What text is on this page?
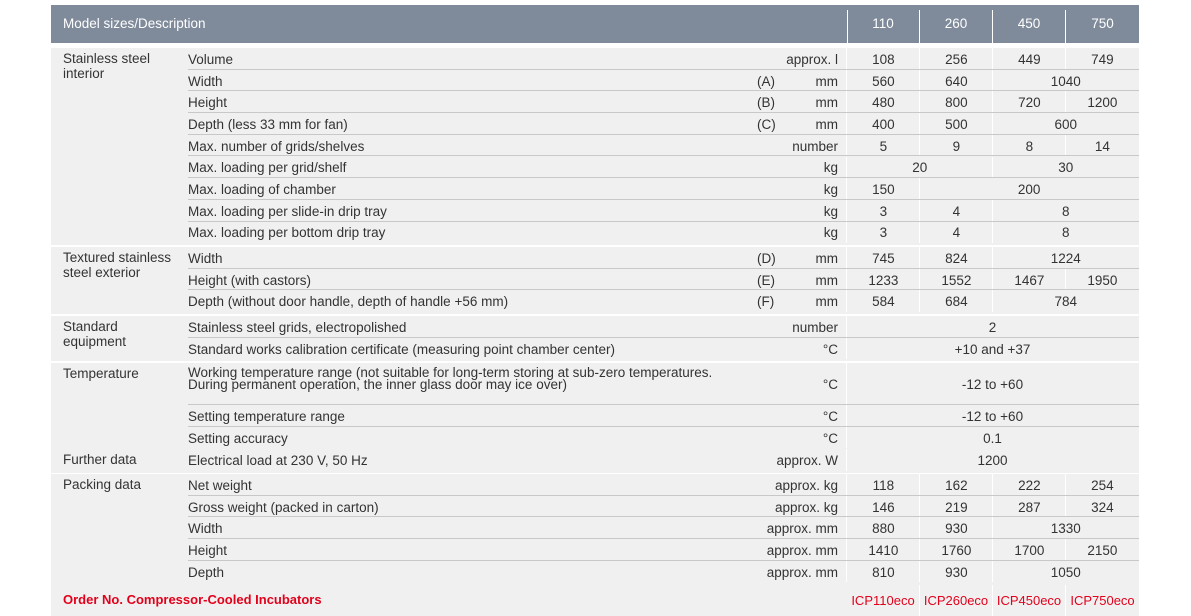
Model sizes/Description	110	260	450	750
Stainless steel interior
Volume	approx. l	108	256	449	749
Width	(A)	mm	560	640	1040
Height	(B)	mm	480	800	720	1200
Depth (less 33 mm for fan)	(C)	mm	400	500	600
Max. number of grids/shelves	number	5	9	8	14
Max. loading per grid/shelf	kg	20	30
Max. loading of chamber	kg	150	200
Max. loading per slide-in drip tray	kg	3	4	8
Max. loading per bottom drip tray	kg	3	4	8
Textured stainless steel exterior
Width	(D)	mm	745	824	1224
Height (with castors)	(E)	mm	1233	1552	1467	1950
Depth (without door handle, depth of handle +56 mm)	(F)	mm	584	684	784
Standard equipment
Stainless steel grids, electropolished	number	2
Standard works calibration certificate (measuring point chamber center)	°C	+10 and +37
Temperature	Working temperature range (not suitable for long-term storing at sub-zero temperatures.
During permanent operation, the inner glass door may ice over)	°C	-12 to +60
Setting temperature range	°C	-12 to +60
Setting accuracy	°C	0.1
Further data	Electrical load at 230 V, 50 Hz	approx. W	1200
Packing data	Net weight	approx. kg	118	162	222	254
Gross weight (packed in carton)	approx. kg	146	219	287	324
Width	approx. mm	880	930	1330
Height	approx. mm	1410	1760	1700	2150
Depth	approx. mm	810	930	1050
Order No. Compressor-Cooled Incubators	ICP110eco ICP260eco ICP450eco ICP750eco
